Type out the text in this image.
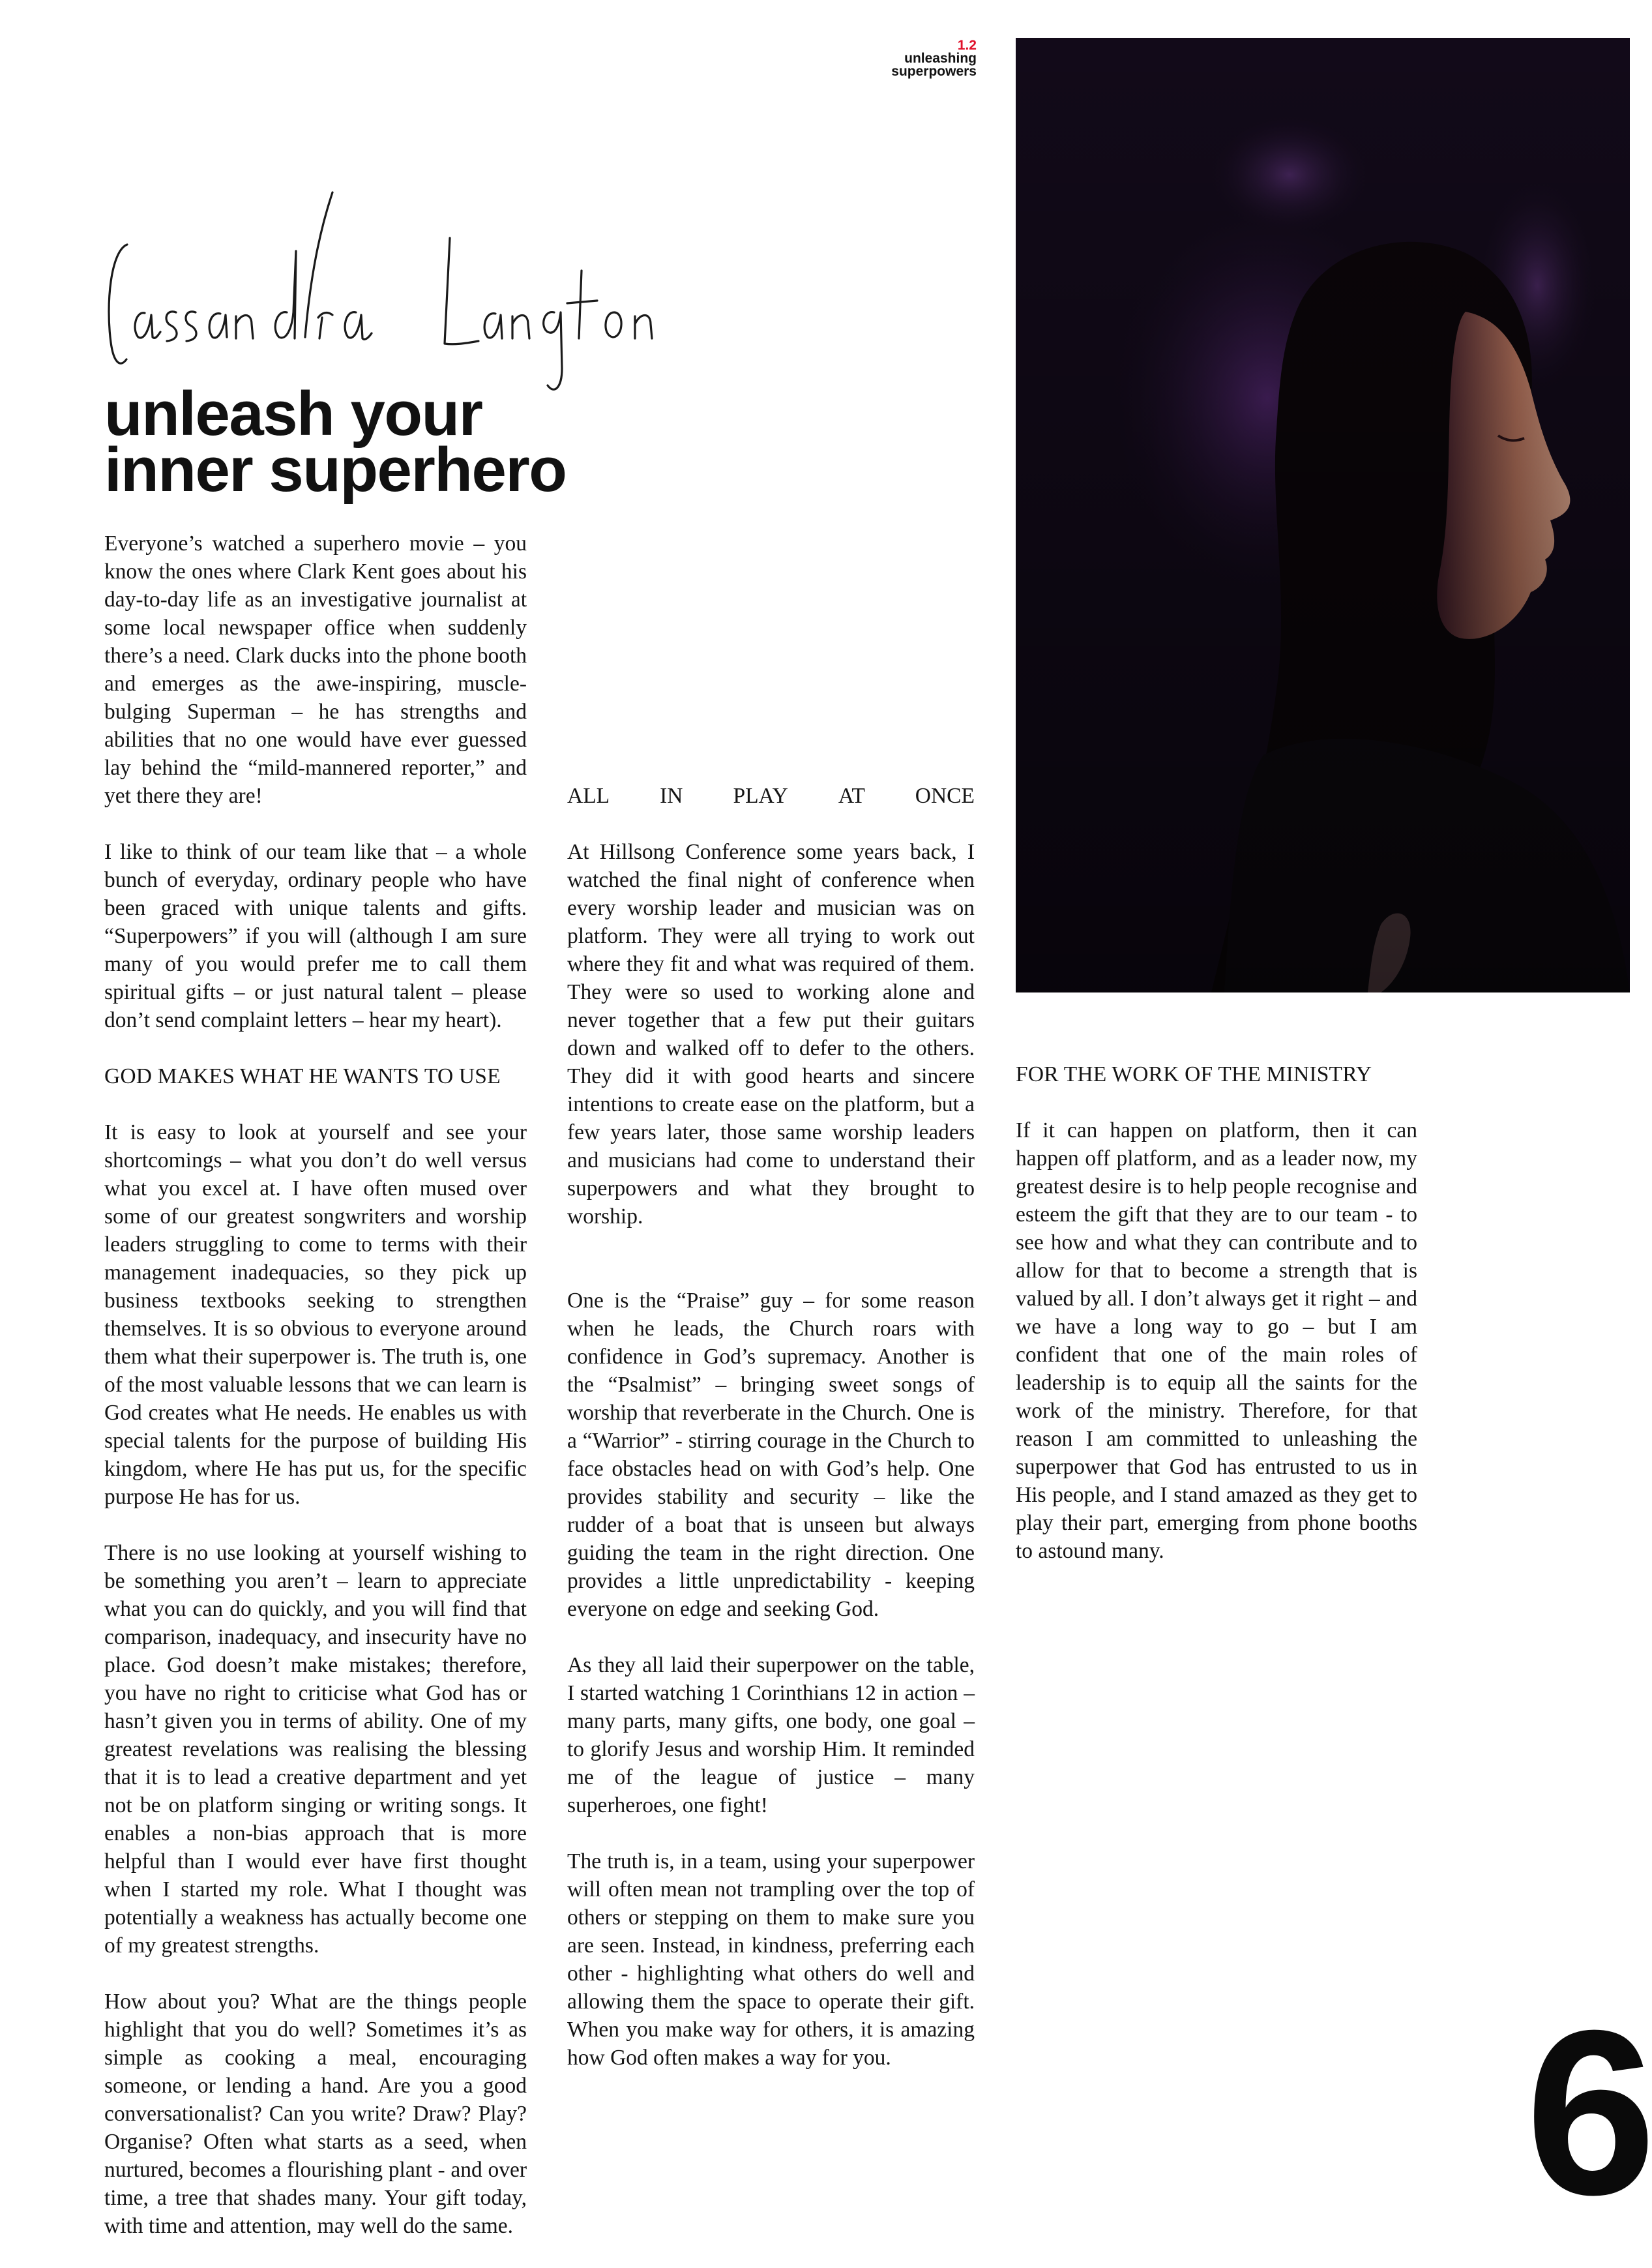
1.2
unleashing
superpowers
unleash your
inner superhero

Everyone’s watched a superhero movie – you know the ones where Clark Kent goes about his day-to-day life as an investigative journalist at some local newspaper office when suddenly there’s a need. Clark ducks into the phone booth and emerges as the awe-inspiring, muscle-bulging Superman – he has strengths and abilities that no one would have ever guessed lay behind the “mild-mannered reporter,” and yet there they are!

I like to think of our team like that – a whole bunch of everyday, ordinary people who have been graced with unique talents and gifts. “Superpowers” if you will (although I am sure many of you would prefer me to call them spiritual gifts – or just natural talent – please don’t send complaint letters – hear my heart).

GOD MAKES WHAT HE WANTS TO USE

It is easy to look at yourself and see your shortcomings – what you don’t do well versus what you excel at. I have often mused over some of our greatest songwriters and worship leaders struggling to come to terms with their management inadequacies, so they pick up business textbooks seeking to strengthen themselves. It is so obvious to everyone around them what their superpower is. The truth is, one of the most valuable lessons that we can learn is God creates what He needs. He enables us with special talents for the purpose of building His kingdom, where He has put us, for the specific purpose He has for us.

There is no use looking at yourself wishing to be something you aren’t – learn to appreciate what you can do quickly, and you will find that comparison, inadequacy, and insecurity have no place. God doesn’t make mistakes; therefore, you have no right to criticise what God has or hasn’t given you in terms of ability. One of my greatest revelations was realising the blessing that it is to lead a creative department and yet not be on platform singing or writing songs. It enables a non-bias approach that is more helpful than I would ever have first thought when I started my role. What I thought was potentially a weakness has actually become one of my greatest strengths.

How about you? What are the things people highlight that you do well? Sometimes it’s as simple as cooking a meal, encouraging someone, or lending a hand. Are you a good conversationalist? Can you write? Draw? Play? Organise? Often what starts as a seed, when nurtured, becomes a flourishing plant - and over time, a tree that shades many. Your gift today, with time and attention, may well do the same.

ALL IN PLAY AT ONCE

At Hillsong Conference some years back, I watched the final night of conference when every worship leader and musician was on platform. They were all trying to work out where they fit and what was required of them. They were so used to working alone and never together that a few put their guitars down and walked off to defer to the others. They did it with good hearts and sincere intentions to create ease on the platform, but a few years later, those same worship leaders and musicians had come to understand their superpowers and what they brought to worship.

One is the “Praise” guy – for some reason when he leads, the Church roars with confidence in God’s supremacy. Another is the “Psalmist” – bringing sweet songs of worship that reverberate in the Church. One is a “Warrior” - stirring courage in the Church to face obstacles head on with God’s help. One provides stability and security – like the rudder of a boat that is unseen but always guiding the team in the right direction. One provides a little unpredictability - keeping everyone on edge and seeking God.

As they all laid their superpower on the table, I started watching 1 Corinthians 12 in action – many parts, many gifts, one body, one goal – to glorify Jesus and worship Him. It reminded me of the league of justice – many superheroes, one fight!

The truth is, in a team, using your superpower will often mean not trampling over the top of others or stepping on them to make sure you are seen. Instead, in kindness, preferring each other - highlighting what others do well and allowing them the space to operate their gift. When you make way for others, it is amazing how God often makes a way for you.

FOR THE WORK OF THE MINISTRY

If it can happen on platform, then it can happen off platform, and as a leader now, my greatest desire is to help people recognise and esteem the gift that they are to our team - to see how and what they can contribute and to allow for that to become a strength that is valued by all. I don’t always get it right – and we have a long way to go – but I am confident that one of the main roles of leadership is to equip all the saints for the work of the ministry. Therefore, for that reason I am committed to unleashing the superpower that God has entrusted to us in His people, and I stand amazed as they get to play their part, emerging from phone booths to astound many.

6
